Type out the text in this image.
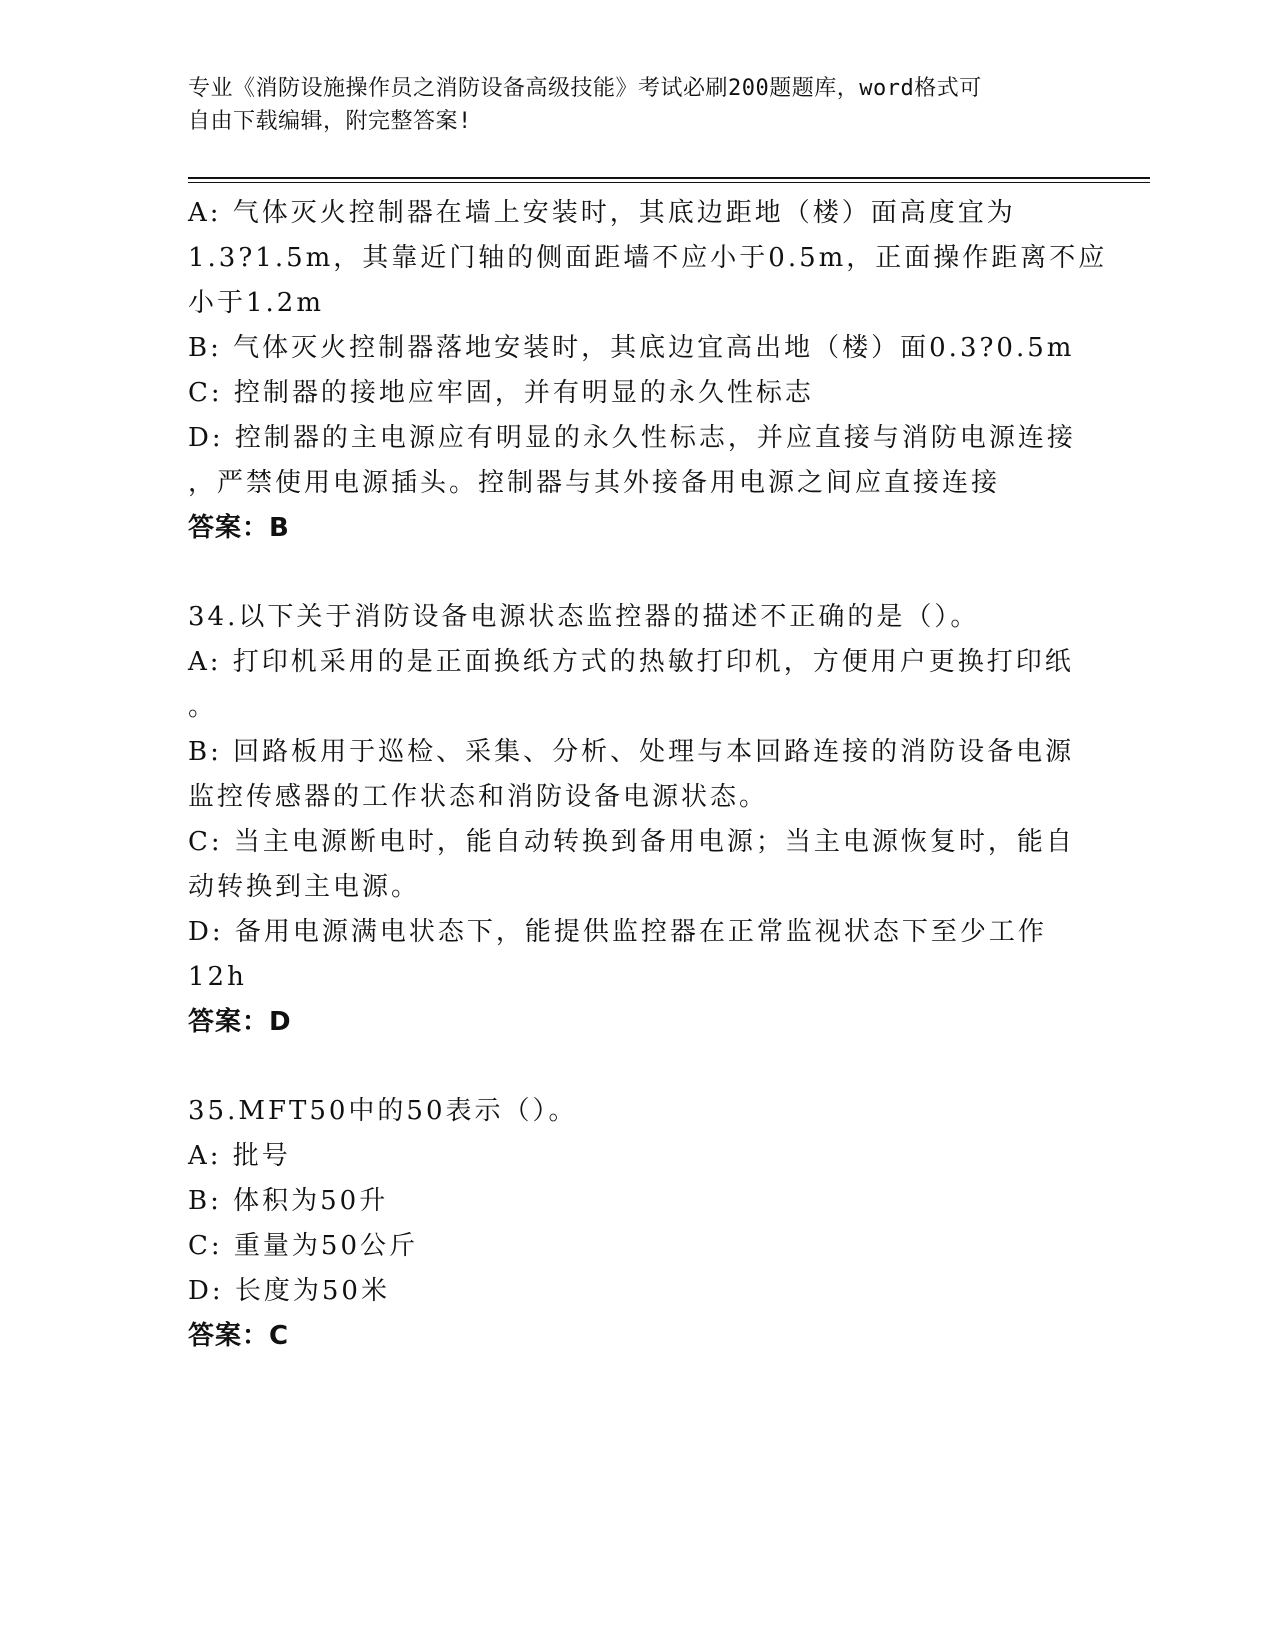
专业《消防设施操作员之消防设备高级技能》考试必刷200题题库，word格式可
自由下载编辑，附完整答案!
A: 气体灭火控制器在墙上安装时，其底边距地（楼）面高度宜为
1.3?1.5m，其靠近门轴的侧面距墙不应小于0.5m，正面操作距离不应
小于1.2m
B: 气体灭火控制器落地安装时，其底边宜高出地（楼）面0.3?0.5m
C: 控制器的接地应牢固，并有明显的永久性标志
D: 控制器的主电源应有明显的永久性标志，并应直接与消防电源连接
，严禁使用电源插头。控制器与其外接备用电源之间应直接连接
答案：B
34.以下关于消防设备电源状态监控器的描述不正确的是（）。
A: 打印机采用的是正面换纸方式的热敏打印机，方便用户更换打印纸
。
B: 回路板用于巡检、采集、分析、处理与本回路连接的消防设备电源
监控传感器的工作状态和消防设备电源状态。
C: 当主电源断电时，能自动转换到备用电源；当主电源恢复时，能自
动转换到主电源。
D: 备用电源满电状态下，能提供监控器在正常监视状态下至少工作
12h
答案：D
35.MFT50中的50表示（）。
A: 批号
B: 体积为50升
C: 重量为50公斤
D: 长度为50米
答案：C
